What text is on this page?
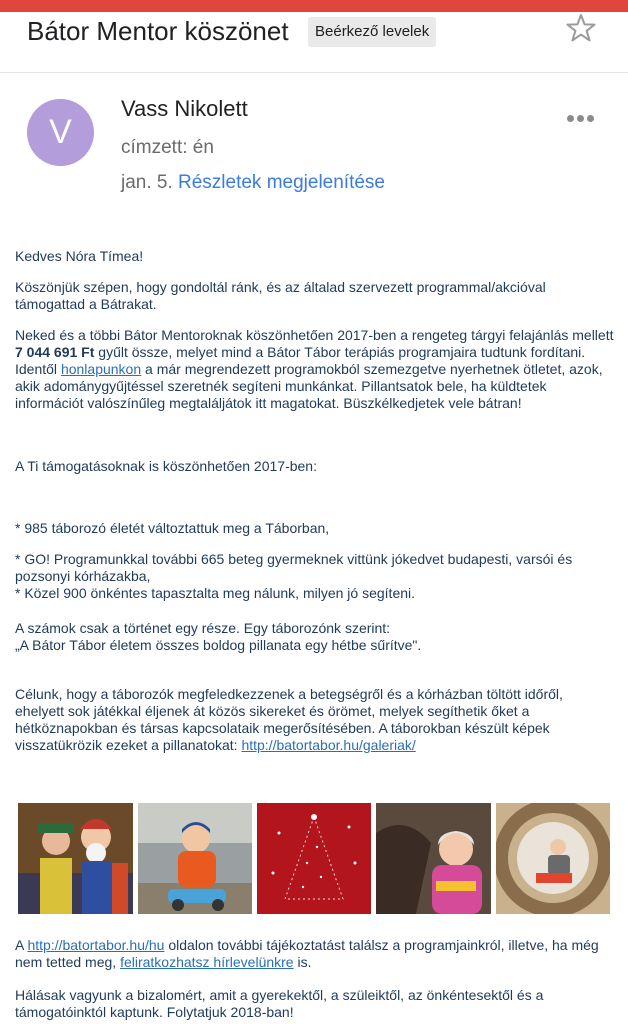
Bátor Mentor köszönet	Beérkező levelek
V
Vass Nikolett
címzett: én
jan. 5. Részletek megjelenítése
Kedves Nóra Tímea!
Köszönjük szépen, hogy gondoltál ránk, és az általad szervezett programmal/akcióval támogattad a Bátrakat.
Neked és a többi Bátor Mentoroknak köszönhetően 2017-ben a rengeteg tárgyi felajánlás mellett 7 044 691 Ft gyűlt össze, melyet mind a Bátor Tábor terápiás programjaira tudtunk fordítani. Identől honlapunkon a már megrendezett programokból szemezgetve nyerhetnek ötletet, azok, akik adománygyűjtéssel szeretnék segíteni munkánkat. Pillantsatok bele, ha küldtetek információt valószínűleg megtaláljátok itt magatokat. Büszkélkedjetek vele bátran!
A Ti támogatásoknak is köszönhetően 2017-ben:
* 985 táborozó életét változtattuk meg a Táborban,
* GO! Programunkkal további 665 beteg gyermeknek vittünk jókedvet budapesti, varsói és pozsonyi kórházakba,
* Közel 900 önkéntes tapasztalta meg nálunk, milyen jó segíteni.
A számok csak a történet egy része. Egy táborozónk szerint:
„A Bátor Tábor életem összes boldog pillanata egy hétbe sűrítve".
Célunk, hogy a táborozók megfeledkezzenek a betegségről és a kórházban töltött időről, ehelyett sok játékkal éljenek át közös sikereket és örömet, melyek segíthetik őket a hétköznapokban és társas kapcsolataik megerősítésében. A táborokban készült képek visszatükrözik ezeket a pillanatokat: http://batortabor.hu/galeriak/
A http://batortabor.hu/hu oldalon további tájékoztatást találsz a programjainkról, illetve, ha még nem tetted meg, feliratkozhatsz hírlevelünkre is.
Hálásak vagyunk a bizalomért, amit a gyerekektől, a szüleiktől, az önkéntesektől és a támogatóinktól kaptunk. Folytatjuk 2018-ban!
